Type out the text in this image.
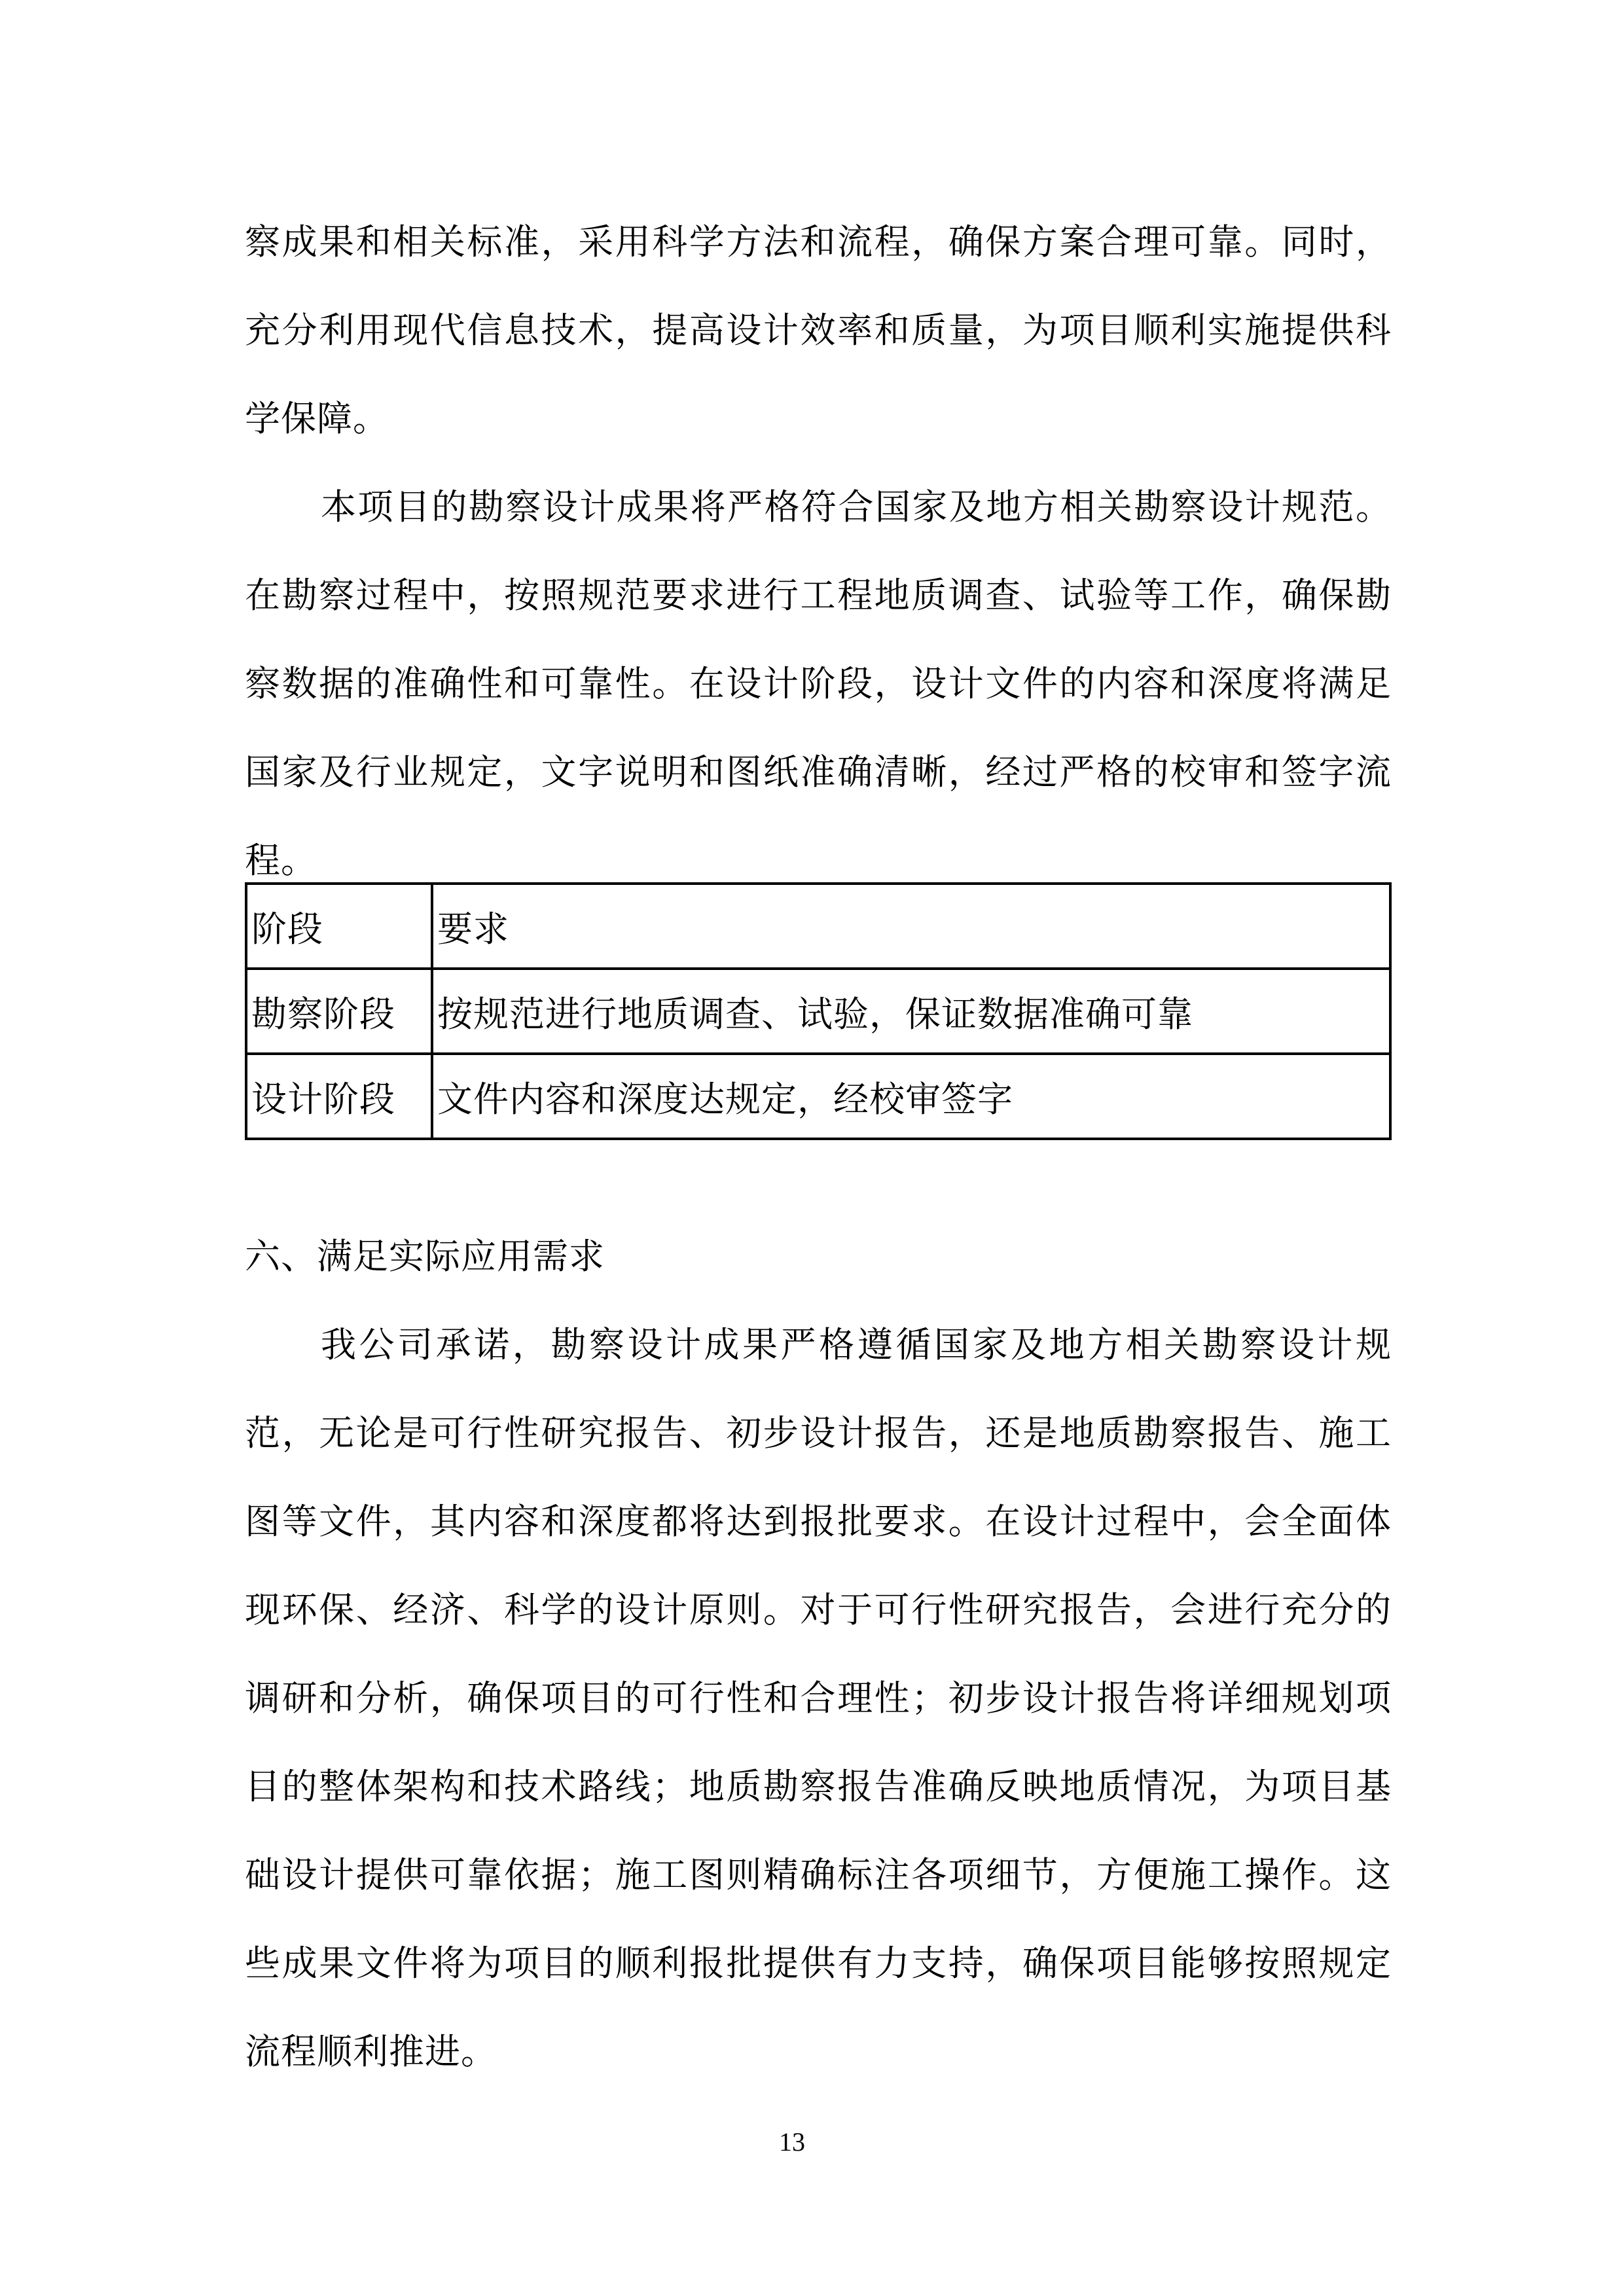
察成果和相关标准，采用科学方法和流程，确保方案合理可靠。同时，充分利用现代信息技术，提高设计效率和质量，为项目顺利实施提供科学保障。

本项目的勘察设计成果将严格符合国家及地方相关勘察设计规范。在勘察过程中，按照规范要求进行工程地质调查、试验等工作，确保勘察数据的准确性和可靠性。在设计阶段，设计文件的内容和深度将满足国家及行业规定，文字说明和图纸准确清晰，经过严格的校审和签字流程。

阶段	要求
勘察阶段	按规范进行地质调查、试验，保证数据准确可靠
设计阶段	文件内容和深度达规定，经校审签字

六、满足实际应用需求

我公司承诺，勘察设计成果严格遵循国家及地方相关勘察设计规范，无论是可行性研究报告、初步设计报告，还是地质勘察报告、施工图等文件，其内容和深度都将达到报批要求。在设计过程中，会全面体现环保、经济、科学的设计原则。对于可行性研究报告，会进行充分的调研和分析，确保项目的可行性和合理性；初步设计报告将详细规划项目的整体架构和技术路线；地质勘察报告准确反映地质情况，为项目基础设计提供可靠依据；施工图则精确标注各项细节，方便施工操作。这些成果文件将为项目的顺利报批提供有力支持，确保项目能够按照规定流程顺利推进。

13
